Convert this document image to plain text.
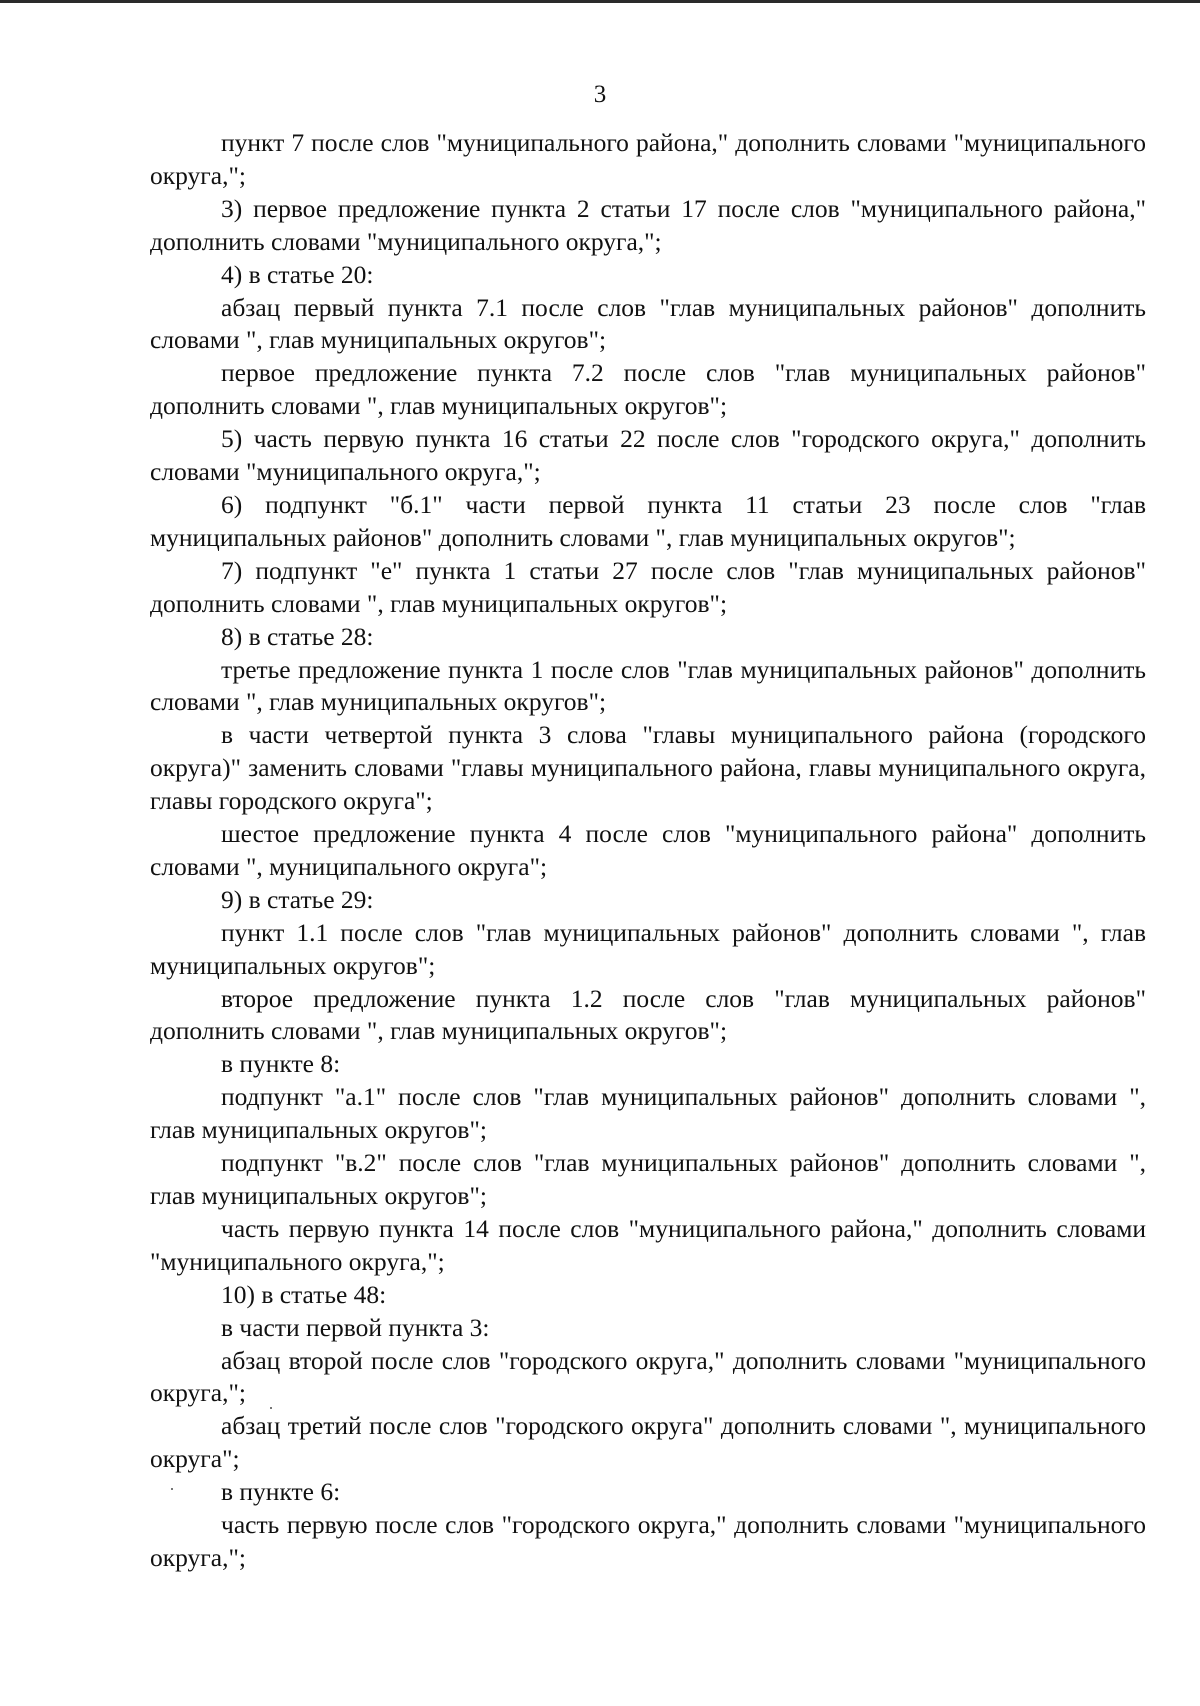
3

пункт 7 после слов "муниципального района," дополнить словами "муниципального округа,";

3) первое предложение пункта 2 статьи 17 после слов "муниципального района," дополнить словами "муниципального округа,";

4) в статье 20:

абзац первый пункта 7.1 после слов "глав муниципальных районов" дополнить словами ", глав муниципальных округов";

первое предложение пункта 7.2 после слов "глав муниципальных районов" дополнить словами ", глав муниципальных округов";

5) часть первую пункта 16 статьи 22 после слов "городского округа," дополнить словами "муниципального округа,";

6) подпункт "б.1" части первой пункта 11 статьи 23 после слов "глав муниципальных районов" дополнить словами ", глав муниципальных округов";

7) подпункт "е" пункта 1 статьи 27 после слов "глав муниципальных районов" дополнить словами ", глав муниципальных округов";

8) в статье 28:

третье предложение пункта 1 после слов "глав муниципальных районов" дополнить словами ", глав муниципальных округов";

в части четвертой пункта 3 слова "главы муниципального района (городского округа)" заменить словами "главы муниципального района, главы муниципального округа, главы городского округа";

шестое предложение пункта 4 после слов "муниципального района" дополнить словами ", муниципального округа";

9) в статье 29:

пункт 1.1 после слов "глав муниципальных районов" дополнить словами ", глав муниципальных округов";

второе предложение пункта 1.2 после слов "глав муниципальных районов" дополнить словами ", глав муниципальных округов";

в пункте 8:

подпункт "а.1" после слов "глав муниципальных районов" дополнить словами ", глав муниципальных округов";

подпункт "в.2" после слов "глав муниципальных районов" дополнить словами ", глав муниципальных округов";

часть первую пункта 14 после слов "муниципального района," дополнить словами "муниципального округа,";

10) в статье 48:

в части первой пункта 3:

абзац второй после слов "городского округа," дополнить словами "муниципального округа,";

абзац третий после слов "городского округа" дополнить словами ", муниципального округа";

в пункте 6:

часть первую после слов "городского округа," дополнить словами "муниципального округа,";
